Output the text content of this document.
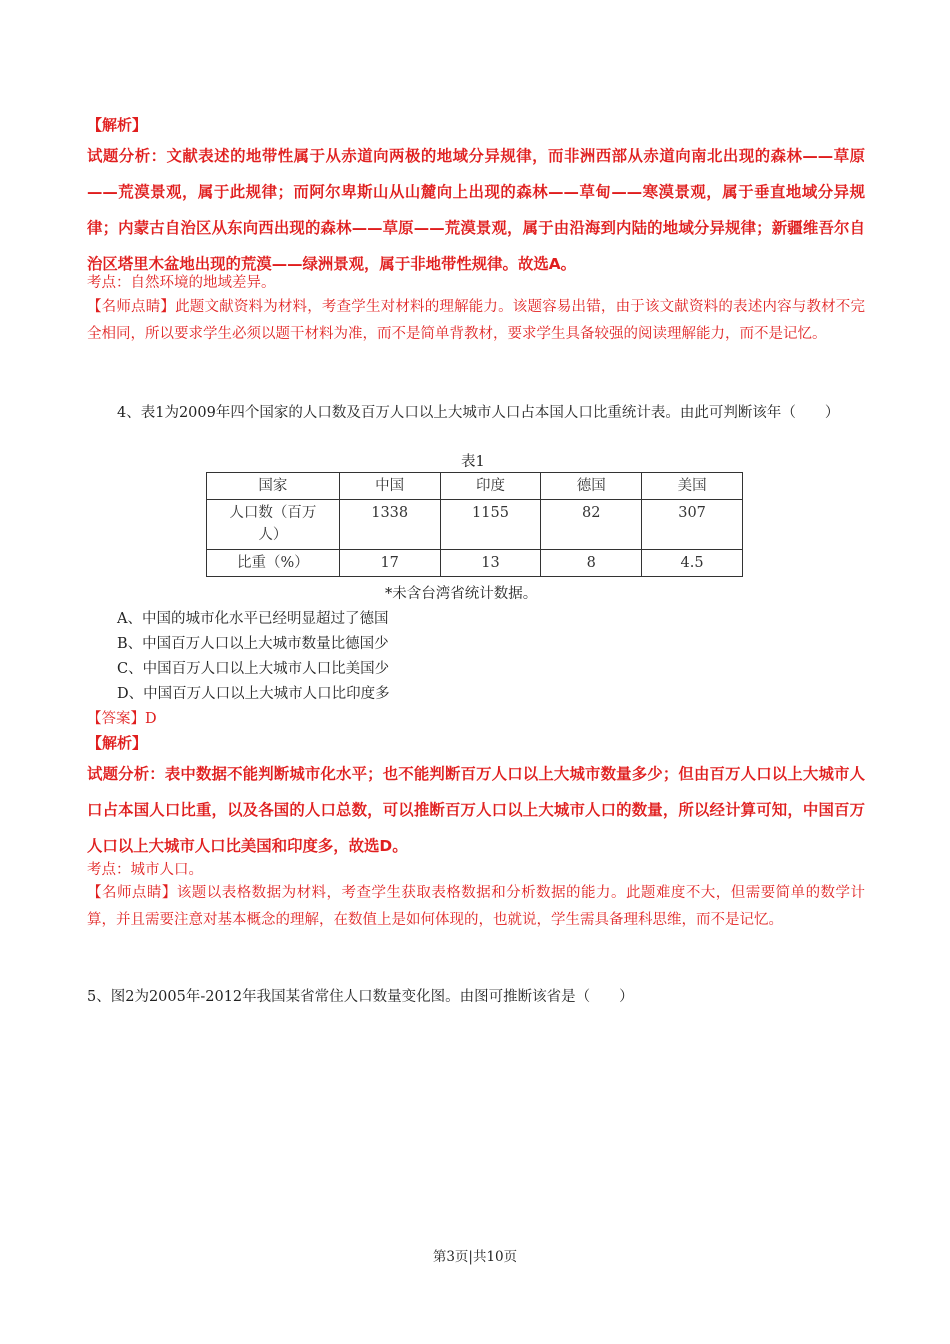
【解析】
试题分析：文献表述的地带性属于从赤道向两极的地域分异规律，而非洲西部从赤道向南北出现的森林——草原——荒漠景观，属于此规律；而阿尔卑斯山从山麓向上出现的森林——草甸——寒漠景观，属于垂直地域分异规律；内蒙古自治区从东向西出现的森林——草原——荒漠景观，属于由沿海到内陆的地域分异规律；新疆维吾尔自治区塔里木盆地出现的荒漠——绿洲景观，属于非地带性规律。故选A。
考点：自然环境的地域差异。
【名师点睛】此题文献资料为材料，考查学生对材料的理解能力。该题容易出错，由于该文献资料的表述内容与教材不完全相同，所以要求学生必须以题干材料为准，而不是简单背教材，要求学生具备较强的阅读理解能力，而不是记忆。
4、表1为2009年四个国家的人口数及百万人口以上大城市人口占本国人口比重统计表。由此可判断该年（　　）
表1
国家	中国	印度	德国	美国
人口数（百万人）	1338	1155	82	307
比重（%）	17	13	8	4.5
*未含台湾省统计数据。
A、中国的城市化水平已经明显超过了德国
B、中国百万人口以上大城市数量比德国少
C、中国百万人口以上大城市人口比美国少
D、中国百万人口以上大城市人口比印度多
【答案】D
【解析】
试题分析：表中数据不能判断城市化水平；也不能判断百万人口以上大城市数量多少；但由百万人口以上大城市人口占本国人口比重，以及各国的人口总数，可以推断百万人口以上大城市人口的数量，所以经计算可知，中国百万人口以上大城市人口比美国和印度多，故选D。
考点：城市人口。
【名师点睛】该题以表格数据为材料，考查学生获取表格数据和分析数据的能力。此题难度不大，但需要简单的数学计算，并且需要注意对基本概念的理解，在数值上是如何体现的，也就说，学生需具备理科思维，而不是记忆。
5、图2为2005年-2012年我国某省常住人口数量变化图。由图可推断该省是（　　）
第3页|共10页
